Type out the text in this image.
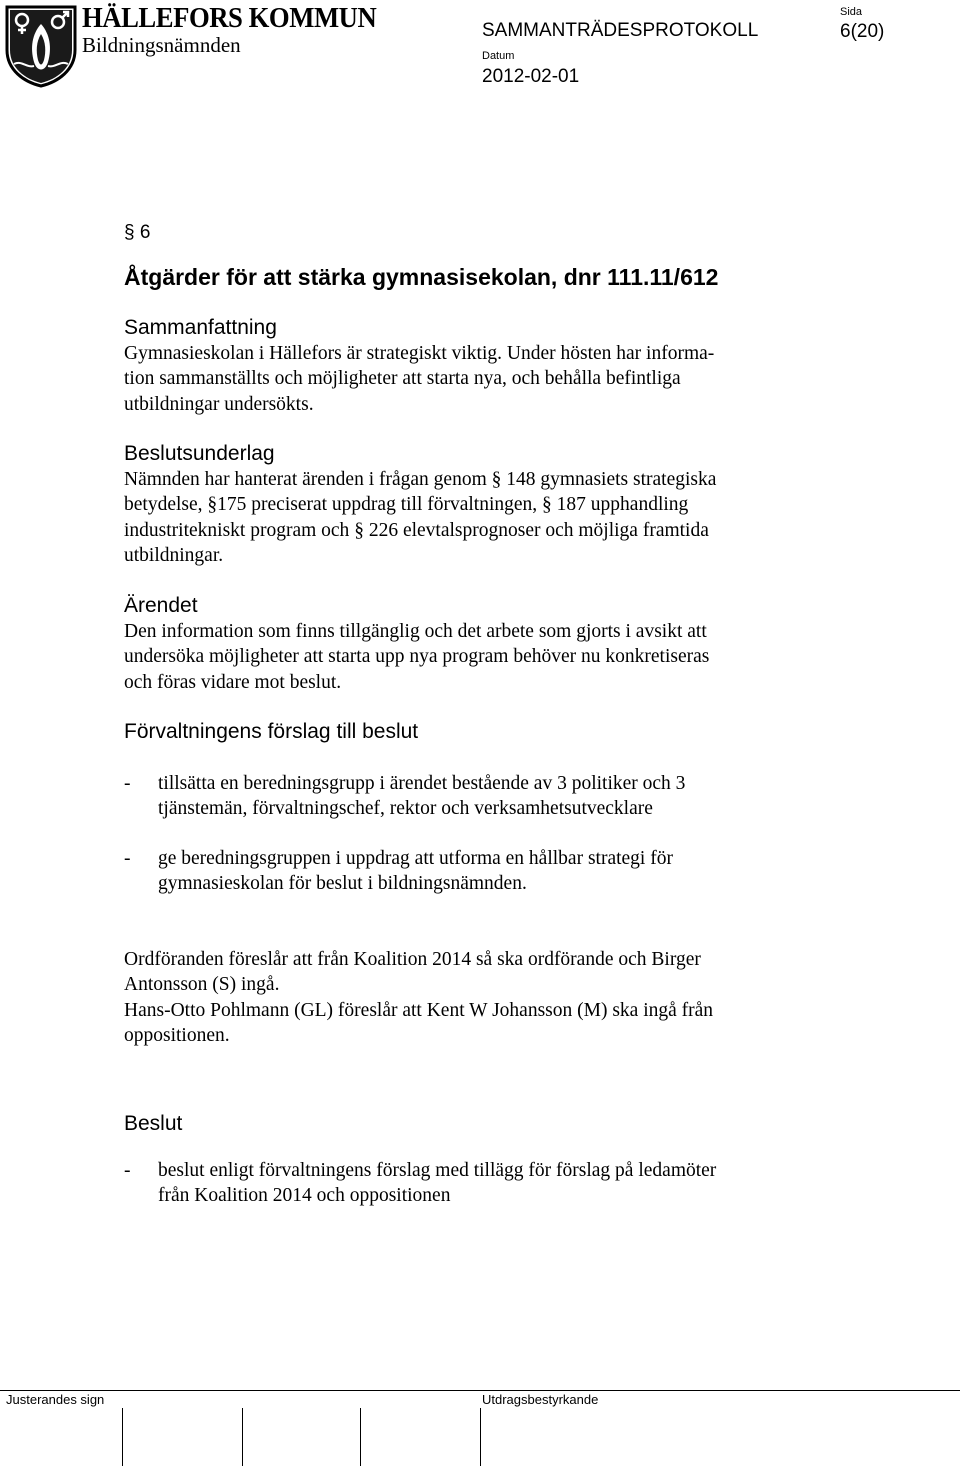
HÄLLEFORS KOMMUN
Bildningsnämnden
SAMMANTRÄDESPROTOKOLL
Datum
2012-02-01
Sida
6(20)
§ 6
Åtgärder för att stärka gymnasisekolan, dnr 111.11/612
Sammanfattning
Gymnasieskolan i Hällefors är strategiskt viktig. Under hösten har informa-
tion sammanställts och möjligheter att starta nya, och behålla befintliga
utbildningar undersökts.
Beslutsunderlag
Nämnden har hanterat ärenden i frågan genom § 148 gymnasiets strategiska
betydelse, §175 preciserat uppdrag till förvaltningen, § 187 upphandling
industritekniskt program och § 226 elevtalsprognoser och möjliga framtida
utbildningar.
Ärendet
Den information som finns tillgänglig och det arbete som gjorts i avsikt att
undersöka möjligheter att starta upp nya program behöver nu konkretiseras
och föras vidare mot beslut.
Förvaltningens förslag till beslut
- tillsätta en beredningsgrupp i ärendet bestående av 3 politiker och 3
tjänstemän, förvaltningschef, rektor och verksamhetsutvecklare
- ge beredningsgruppen i uppdrag att utforma en hållbar strategi för
gymnasieskolan för beslut i bildningsnämnden.
Ordföranden föreslår att från Koalition 2014 så ska ordförande och Birger
Antonsson (S) ingå.
Hans-Otto Pohlmann (GL) föreslår att Kent W Johansson (M) ska ingå från
oppositionen.
Beslut
- beslut enligt förvaltningens förslag med tillägg för förslag på ledamöter
från Koalition 2014 och oppositionen
Justerandes sign	Utdragsbestyrkande
